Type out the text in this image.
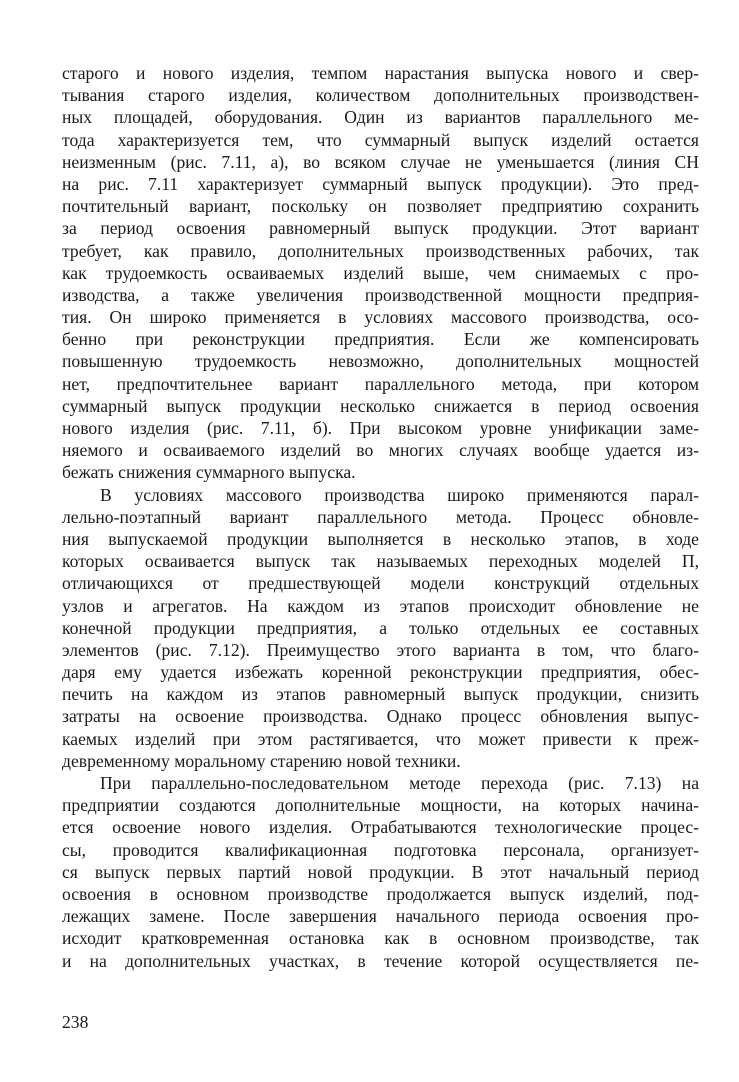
старого и нового изделия, темпом нарастания выпуска нового и свер-
тывания старого изделия, количеством дополнительных производствен-
ных площадей, оборудования. Один из вариантов параллельного ме-
тода характеризуется тем, что суммарный выпуск изделий остается
неизменным (рис. 7.11, а), во всяком случае не уменьшается (линия СН
на рис. 7.11 характеризует суммарный выпуск продукции). Это пред-
почтительный вариант, поскольку он позволяет предприятию сохранить
за период освоения равномерный выпуск продукции. Этот вариант
требует, как правило, дополнительных производственных рабочих, так
как трудоемкость осваиваемых изделий выше, чем снимаемых с про-
изводства, а также увеличения производственной мощности предприя-
тия. Он широко применяется в условиях массового производства, осо-
бенно при реконструкции предприятия. Если же компенсировать
повышенную трудоемкость невозможно, дополнительных мощностей
нет, предпочтительнее вариант параллельного метода, при котором
суммарный выпуск продукции несколько снижается в период освоения
нового изделия (рис. 7.11, б). При высоком уровне унификации заме-
няемого и осваиваемого изделий во многих случаях вообще удается из-
бежать снижения суммарного выпуска.
В условиях массового производства широко применяются парал-
лельно-поэтапный вариант параллельного метода. Процесс обновле-
ния выпускаемой продукции выполняется в несколько этапов, в ходе
которых осваивается выпуск так называемых переходных моделей П,
отличающихся от предшествующей модели конструкций отдельных
узлов и агрегатов. На каждом из этапов происходит обновление не
конечной продукции предприятия, а только отдельных ее составных
элементов (рис. 7.12). Преимущество этого варианта в том, что благо-
даря ему удается избежать коренной реконструкции предприятия, обес-
печить на каждом из этапов равномерный выпуск продукции, снизить
затраты на освоение производства. Однако процесс обновления выпус-
каемых изделий при этом растягивается, что может привести к преж-
девременному моральному старению новой техники.
При параллельно-последовательном методе перехода (рис. 7.13) на
предприятии создаются дополнительные мощности, на которых начина-
ется освоение нового изделия. Отрабатываются технологические процес-
сы, проводится квалификационная подготовка персонала, организует-
ся выпуск первых партий новой продукции. В этот начальный период
освоения в основном производстве продолжается выпуск изделий, под-
лежащих замене. После завершения начального периода освоения про-
исходит кратковременная остановка как в основном производстве, так
и на дополнительных участках, в течение которой осуществляется пе-
238
